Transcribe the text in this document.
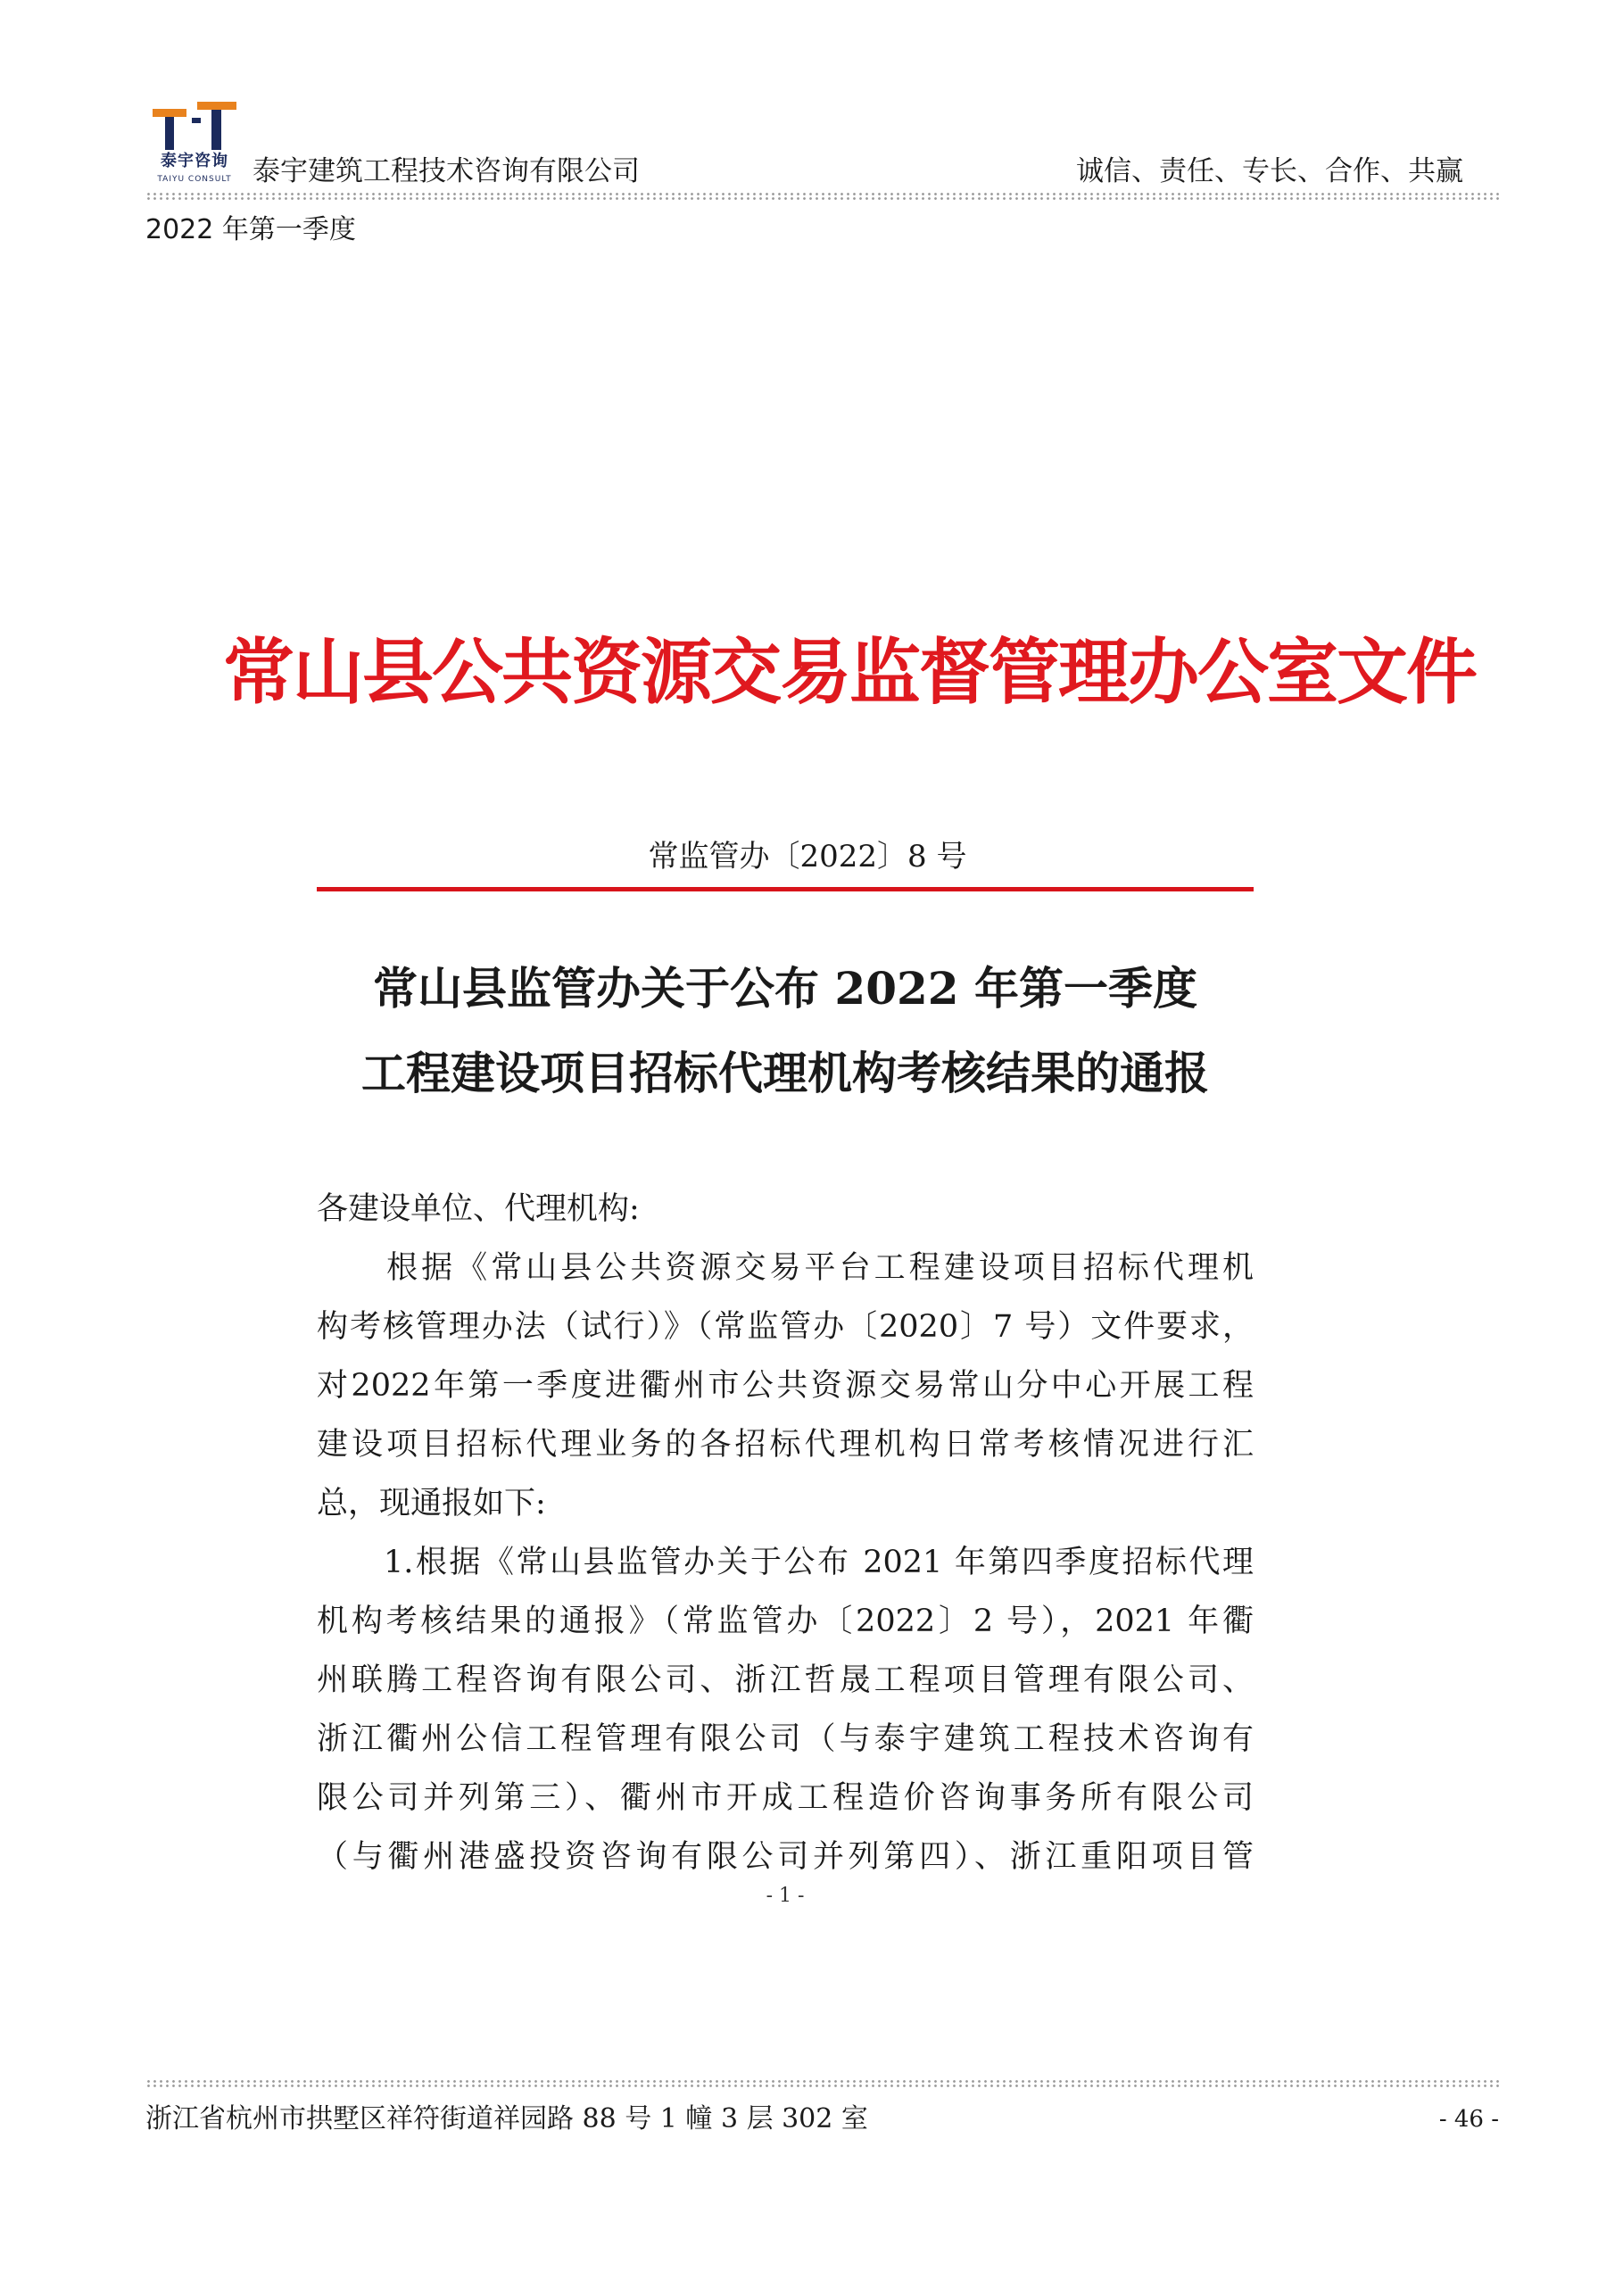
泰宇咨询
TAIYU CONSULT 泰宇建筑工程技术咨询有限公司	诚信、责任、专长、合作、共赢
2022 年第一季度
常山县公共资源交易监督管理办公室文件
常监管办〔2022〕8 号
常山县监管办关于公布 2022 年第一季度
工程建设项目招标代理机构考核结果的通报
各建设单位、代理机构:
　　根据《常山县公共资源交易平台工程建设项目招标代理机
构考核管理办法（试行）》（常监管办〔2020〕7 号）文件要求，
对2022年第一季度进衢州市公共资源交易常山分中心开展工程
建设项目招标代理业务的各招标代理机构日常考核情况进行汇
总，现通报如下:
　　1.根据《常山县监管办关于公布 2021 年第四季度招标代理
机构考核结果的通报》（常监管办〔2022〕2 号），2021 年衢
州联腾工程咨询有限公司、浙江哲晟工程项目管理有限公司、
浙江衢州公信工程管理有限公司（与泰宇建筑工程技术咨询有
限公司并列第三）、衢州市开成工程造价咨询事务所有限公司
（与衢州港盛投资咨询有限公司并列第四）、浙江重阳项目管
- 1 -
浙江省杭州市拱墅区祥符街道祥园路 88 号 1 幢 3 层 302 室	- 46 -
